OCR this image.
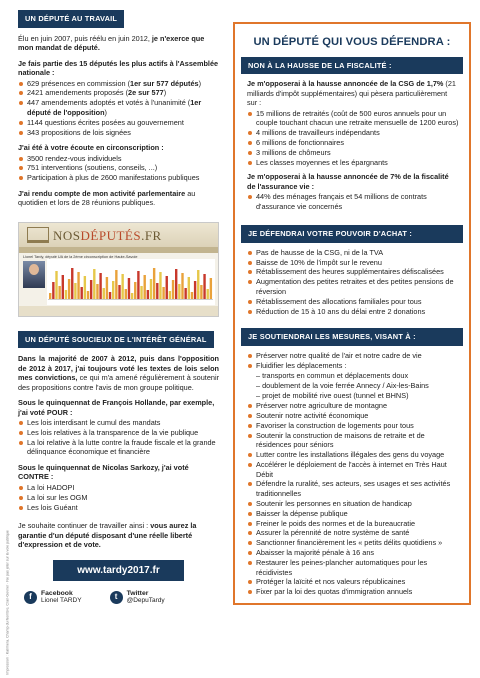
Impression : Kalimera, Champ du Nombre, Cran-Gevrier · Ne pas jeter sur la voie publique
UN DÉPUTÉ AU TRAVAIL

Élu en juin 2007, puis réélu en juin 2012, je n'exerce que mon mandat de député.

Je fais partie des 15 députés les plus actifs à l'Assemblée nationale :

629 présences en commission (1er sur 577 députés)
2421 amendements proposés (2e sur 577)
447 amendements adoptés et votés à l'unanimité (1er député de l'opposition)
1144 questions écrites posées au gouvernement
343 propositions de lois signées

J'ai été à votre écoute en circonscription :

3500 rendez-vous individuels
751 interventions (soutiens, conseils, ...)
Participation à plus de 2600 manifestations publiques

J'ai rendu compte de mon activité parlementaire au quotidien et lors de 28 réunions publiques.

NOSDÉPUTÉS.FR
Lionel Tardy, député UA de la 2ème circonscription de Haute-Savoie
UN DÉPUTÉ SOUCIEUX DE L'INTÉRÊT GÉNÉRAL

Dans la majorité de 2007 à 2012, puis dans l'opposition de 2012 à 2017, j'ai toujours voté les textes de lois selon mes convictions, ce qui m'a amené régulièrement à soutenir des propositions contre l'avis de mon groupe politique.

Sous le quinquennat de François Hollande, par exemple, j'ai voté POUR :

Les lois interdisant le cumul des mandats
Les lois relatives à la transparence de la vie publique
La loi relative à la lutte contre la fraude fiscale et la grande délinquance économique et financière

Sous le quinquennat de Nicolas Sarkozy, j'ai voté CONTRE :

La loi HADOPI
La loi sur les OGM
Les lois Guéant

Je souhaite continuer de travailler ainsi : vous aurez la garantie d'un député disposant d'une réelle liberté d'expression et de vote.

www.tardy2017.fr
f	Facebook
Lionel TARDY	t	Twitter
@DepuTardy
UN DÉPUTÉ QUI VOUS DÉFENDRA :
NON À LA HAUSSE DE LA FISCALITÉ :

Je m'opposerai à la hausse annoncée de la CSG de 1,7% (21 milliards d'impôt supplémentaires) qui pèsera particulièrement sur :

15 millions de retraités (coût de 500 euros annuels pour un couple touchant chacun une retraite mensuelle de 1200 euros)
4 millions de travailleurs indépendants
6 millions de fonctionnaires
3 millions de chômeurs
Les classes moyennes et les épargnants

Je m'opposerai à la hausse annoncée de 7% de la fiscalité de l'assurance vie :

44% des ménages français et 54 millions de contrats d'assurance vie concernés
JE DÉFENDRAI VOTRE POUVOIR D'ACHAT :
Pas de hausse de la CSG, ni de la TVA
Baisse de 10% de l'impôt sur le revenu
Rétablissement des heures supplémentaires défiscalisées
Augmentation des petites retraites et des petites pensions de réversion
Rétablissement des allocations familiales pour tous
Réduction de 15 à 10 ans du délai entre 2 donations
JE SOUTIENDRAI LES MESURES, VISANT À :
Préserver notre qualité de l'air et notre cadre de vie
Fluidifier les déplacements :
– transports en commun et déplacements doux
– doublement de la voie ferrée Annecy / Aix-les-Bains
– projet de mobilité rive ouest (tunnel et BHNS)
Préserver notre agriculture de montagne
Soutenir notre activité économique
Favoriser la construction de logements pour tous
Soutenir la construction de maisons de retraite et de résidences pour séniors
Lutter contre les installations illégales des gens du voyage
Accélérer le déploiement de l'accès à internet en Très Haut Débit
Défendre la ruralité, ses acteurs, ses usages et ses activités traditionnelles
Soutenir les personnes en situation de handicap
Baisser la dépense publique
Freiner le poids des normes et de la bureaucratie
Assurer la pérennité de notre système de santé
Sanctionner financièrement les « petits délits quotidiens »
Abaisser la majorité pénale à 16 ans
Restaurer les peines-plancher automatiques pour les récidivistes
Protéger la laïcité et nos valeurs républicaines
Fixer par la loi des quotas d'immigration annuels
